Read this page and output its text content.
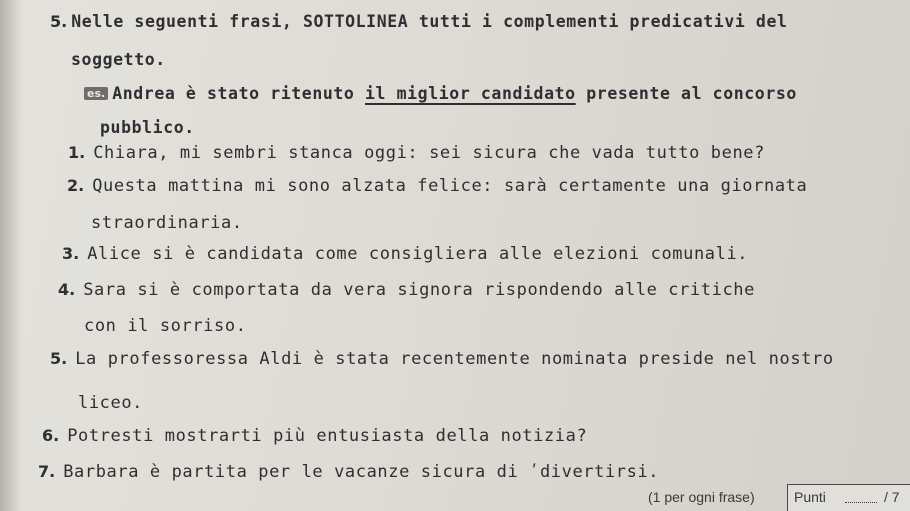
5. Nelle seguenti frasi, SOTTOLINEA tutti i complementi predicativi del
soggetto.
es. Andrea è stato ritenuto il miglior candidato presente al concorso
pubblico.
1. Chiara, mi sembri stanca oggi: sei sicura che vada tutto bene?
2. Questa mattina mi sono alzata felice: sarà certamente una giornata
straordinaria.
3. Alice si è candidata come consigliera alle elezioni comunali.
4. Sara si è comportata da vera signora rispondendo alle critiche
con il sorriso.
5. La professoressa Aldi è stata recentemente nominata preside nel nostro
liceo.
6. Potresti mostrarti più entusiasta della notizia?
7. Barbara è partita per le vacanze sicura di ʹdivertirsi.
(1 per ogni frase)	Punti	/ 7
